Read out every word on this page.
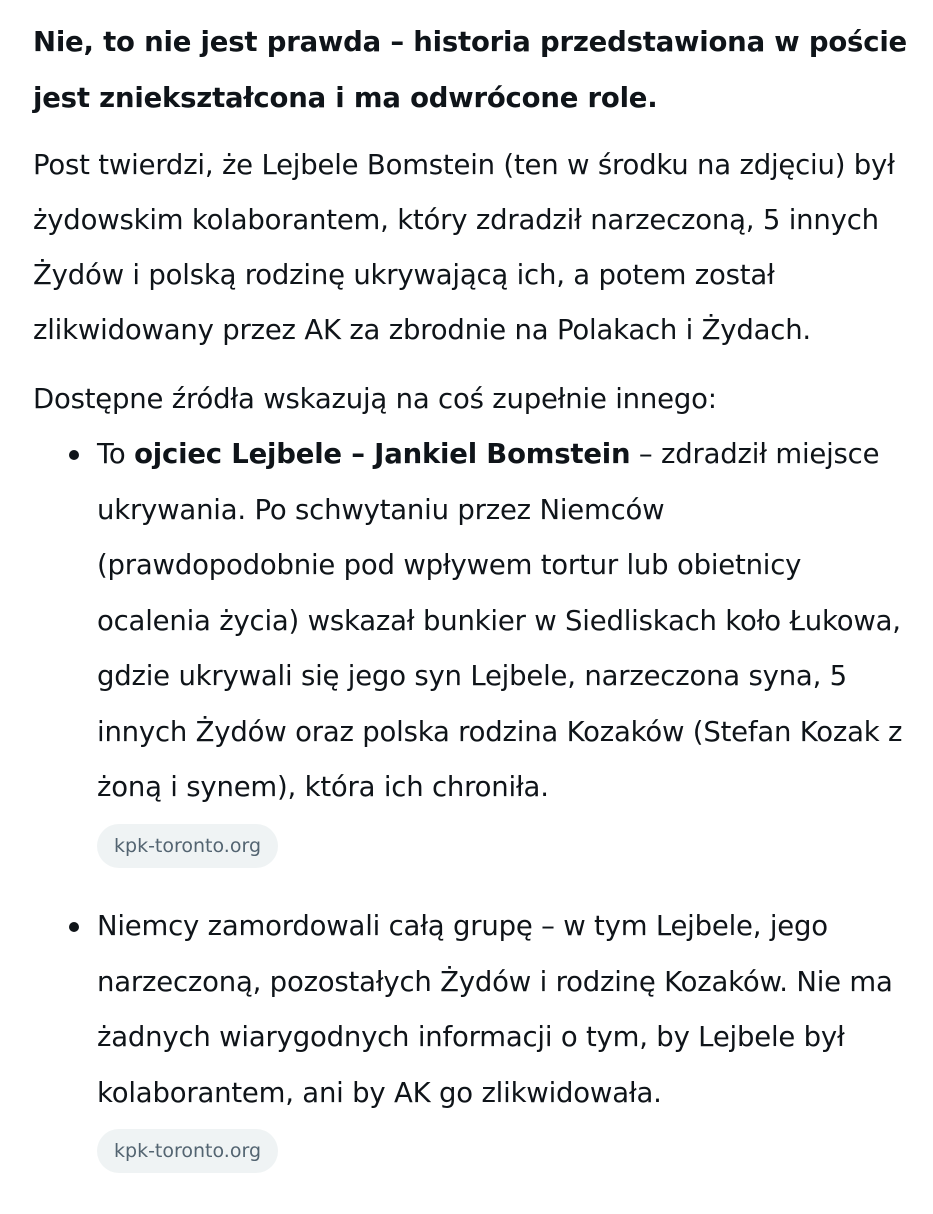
Nie, to nie jest prawda – historia przedstawiona w poście jest zniekształcona i ma odwrócone role.

Post twierdzi, że Lejbele Bomstein (ten w środku na zdjęciu) był żydowskim kolaborantem, który zdradził narzeczoną, 5 innych Żydów i polską rodzinę ukrywającą ich, a potem został zlikwidowany przez AK za zbrodnie na Polakach i Żydach.

Dostępne źródła wskazują na coś zupełnie innego:

To ojciec Lejbele – Jankiel Bomstein – zdradził miejsce ukrywania. Po schwytaniu przez Niemców (prawdopodobnie pod wpływem tortur lub obietnicy ocalenia życia) wskazał bunkier w Siedliskach koło Łukowa, gdzie ukrywali się jego syn Lejbele, narzeczona syna, 5 innych Żydów oraz polska rodzina Kozaków (Stefan Kozak z żoną i synem), która ich chroniła.
kpk-toronto.org
Niemcy zamordowali całą grupę – w tym Lejbele, jego narzeczoną, pozostałych Żydów i rodzinę Kozaków. Nie ma żadnych wiarygodnych informacji o tym, by Lejbele był kolaborantem, ani by AK go zlikwidowała.
kpk-toronto.org
